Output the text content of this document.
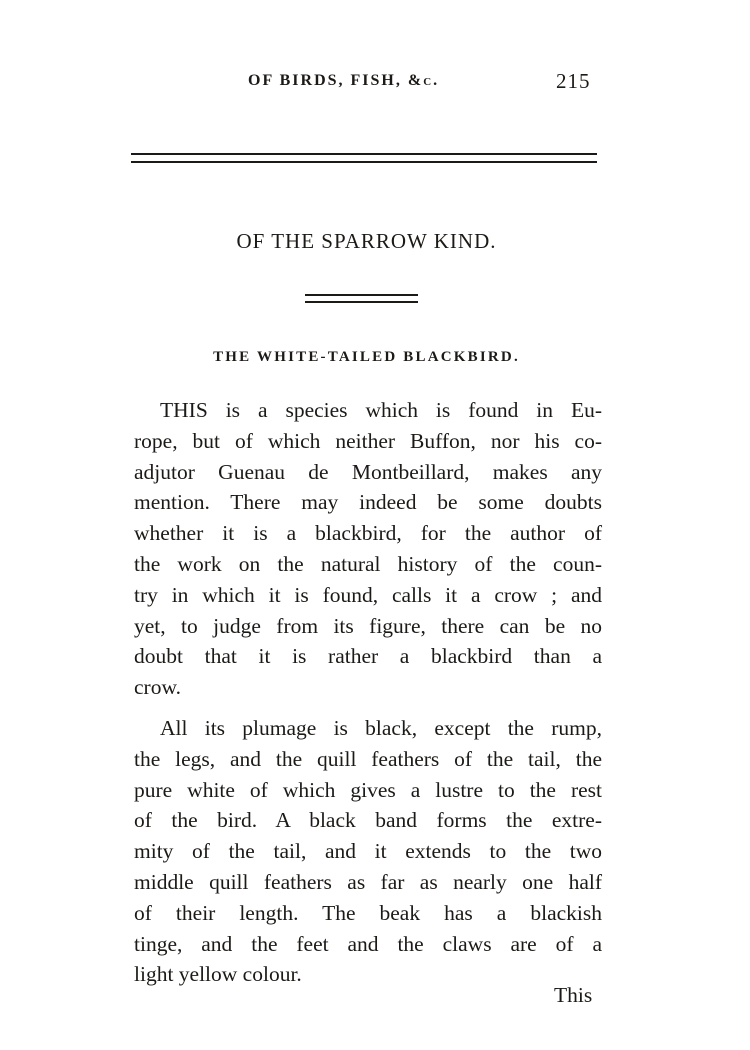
OF BIRDS, FISH, &c.	215
OF THE SPARROW KIND.
THE WHITE-TAILED BLACKBIRD.
THIS is a species which is found in Eu-
rope, but of which neither Buffon, nor his co-
adjutor Guenau de Montbeillard, makes any
mention. There may indeed be some doubts
whether it is a blackbird, for the author of
the work on the natural history of the coun-
try in which it is found, calls it a crow ; and
yet, to judge from its figure, there can be no
doubt that it is rather a blackbird than a
crow.
All its plumage is black, except the rump,
the legs, and the quill feathers of the tail, the
pure white of which gives a lustre to the rest
of the bird. A black band forms the extre-
mity of the tail, and it extends to the two
middle quill feathers as far as nearly one half
of their length. The beak has a blackish
tinge, and the feet and the claws are of a
light yellow colour.
This
